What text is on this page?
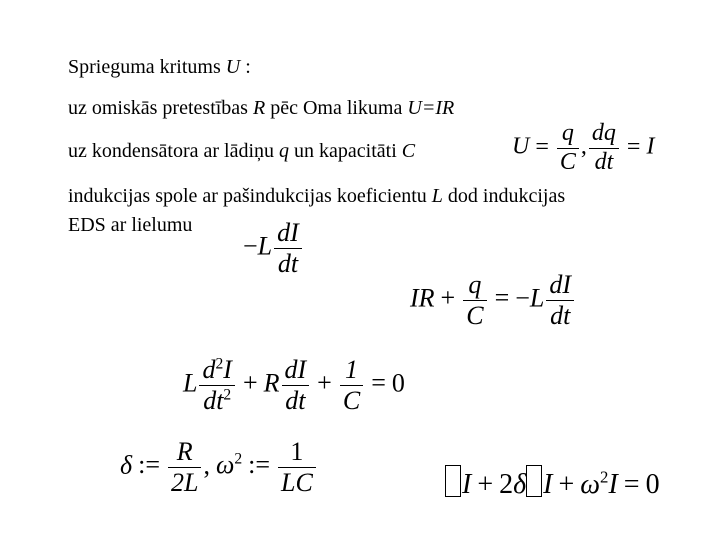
Sprieguma kritums U :
uz omiskās pretestības R pēc Oma likuma U=IR
uz kondensātora ar lādiņu q un kapacitāti C
indukcijas spole ar pašindukcijas koeficientu L dod indukcijas
EDS ar lielumu
$U = \frac{q}{C}$ , $\frac{dq}{dt} = I$
$-L \frac{dI}{dt}$
IR + $\frac{q}{C} = -L \frac{dI}{dt}$
L $\frac{d^2I}{dt^2} + R \frac{dI}{dt} + \frac{1}{C} = 0$
δ := $\frac{R}{2L}$ , $\omega^2$ := $\frac{1}{LC}$	I + 2δ $I + \omega^2I = 0$
